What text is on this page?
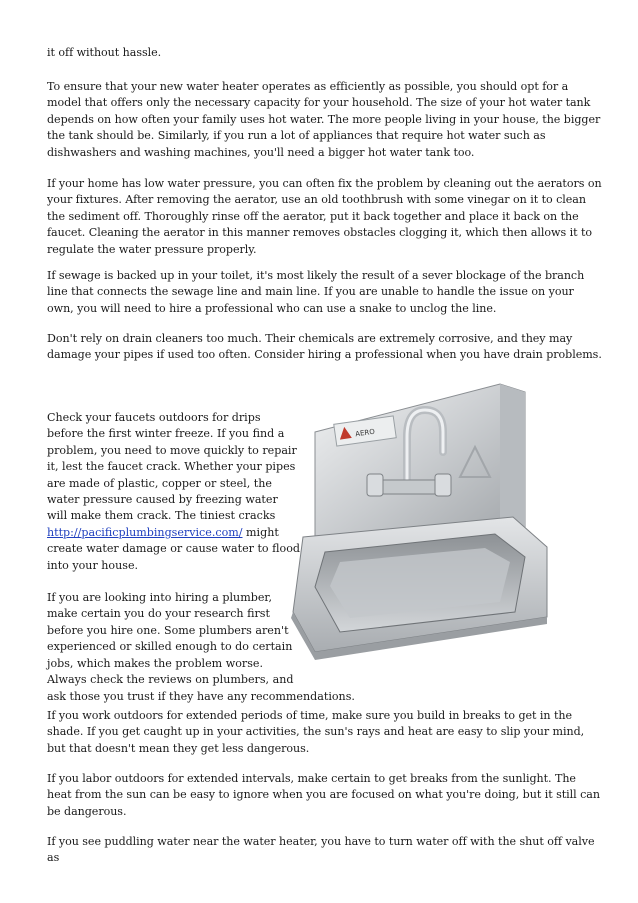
it off without hassle.

To ensure that your new water heater operates as efficiently as possible, you should opt for a model that offers only the necessary capacity for your household. The size of your hot water tank depends on how often your family uses hot water. The more people living in your house, the bigger the tank should be. Similarly, if you run a lot of appliances that require hot water such as dishwashers and washing machines, you'll need a bigger hot water tank too.

If your home has low water pressure, you can often fix the problem by cleaning out the aerators on your fixtures. After removing the aerator, use an old toothbrush with some vinegar on it to clean the sediment off. Thoroughly rinse off the aerator, put it back together and place it back on the faucet. Cleaning the aerator in this manner removes obstacles clogging it, which then allows it to regulate the water pressure properly.

If sewage is backed up in your toilet, it's most likely the result of a sever blockage of the branch line that connects the sewage line and main line. If you are unable to handle the issue on your own, you will need to hire a professional who can use a snake to unclog the line.

Don't rely on drain cleaners too much. Their chemicals are extremely corrosive, and they may damage your pipes if used too often. Consider hiring a professional when you have drain problems.

AERO

Check your faucets outdoors for drips
before the first winter freeze. If you find a
problem, you need to move quickly to repair
it, lest the faucet crack. Whether your pipes
are made of plastic, copper or steel, the
water pressure caused by freezing water
will make them crack. The tiniest cracks
http://pacificplumbingservice.com/ might
create water damage or cause water to flood
into your house.

If you are looking into hiring a plumber,
make certain you do your research first
before you hire one. Some plumbers aren't
experienced or skilled enough to do certain
jobs, which makes the problem worse.
Always check the reviews on plumbers, and
ask those you trust if they have any recommendations.

If you work outdoors for extended periods of time, make sure you build in breaks to get in the shade. If you get caught up in your activities, the sun's rays and heat are easy to slip your mind, but that doesn't mean they get less dangerous.

If you labor outdoors for extended intervals, make certain to get breaks from the sunlight. The heat from the sun can be easy to ignore when you are focused on what you're doing, but it still can be dangerous.

If you see puddling water near the water heater, you have to turn water off with the shut off valve as
